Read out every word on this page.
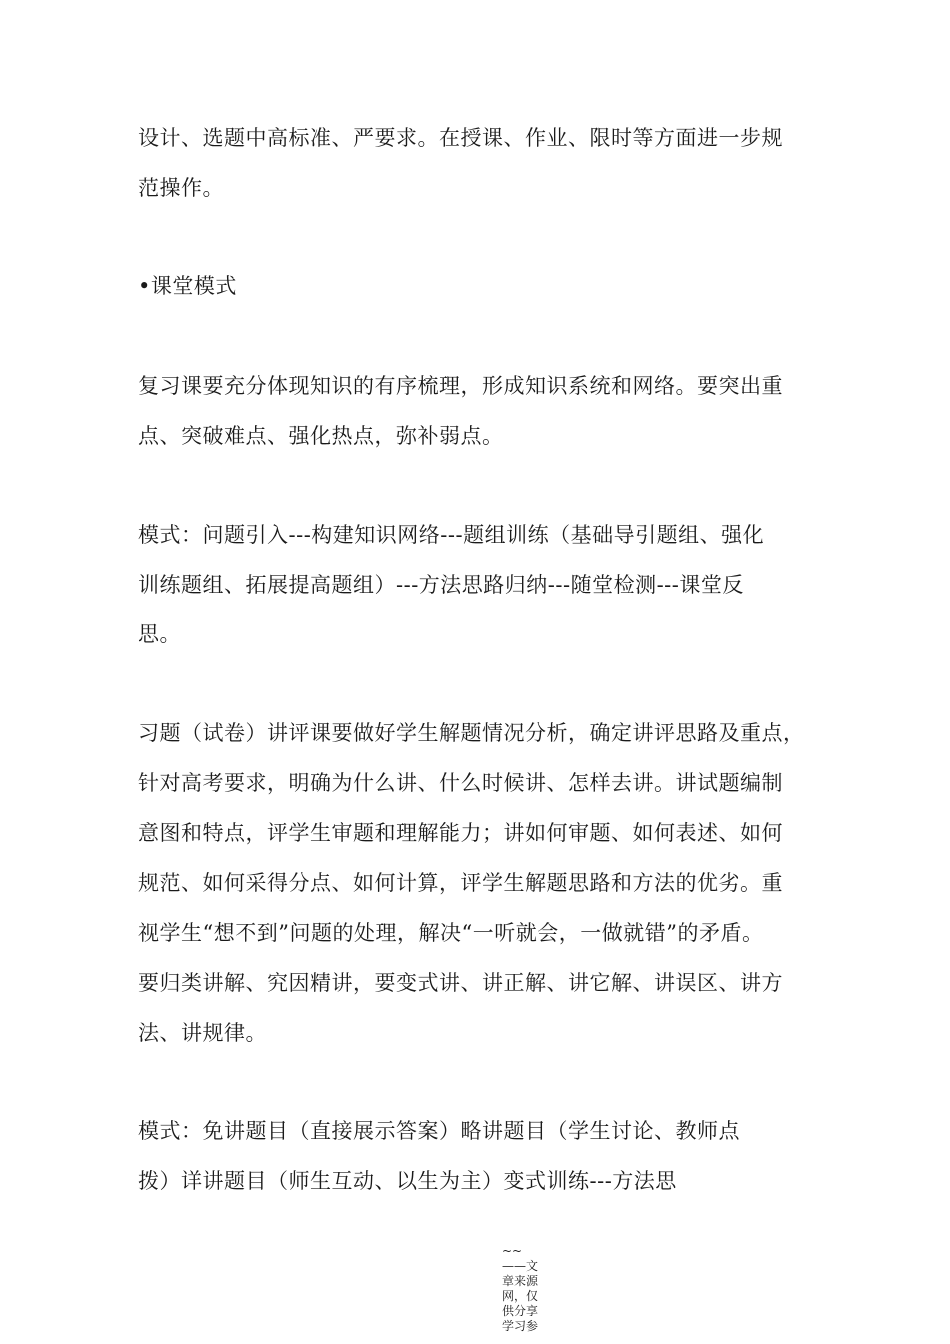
设计、选题中高标准、严要求。在授课、作业、限时等方面进一步规
范操作。
•课堂模式
复习课要充分体现知识的有序梳理，形成知识系统和网络。要突出重
点、突破难点、强化热点，弥补弱点。
模式：问题引入---构建知识网络---题组训练（基础导引题组、强化
训练题组、拓展提高题组）---方法思路归纳---随堂检测---课堂反
思。
习题（试卷）讲评课要做好学生解题情况分析，确定讲评思路及重点，
针对高考要求，明确为什么讲、什么时候讲、怎样去讲。讲试题编制
意图和特点，评学生审题和理解能力；讲如何审题、如何表述、如何
规范、如何采得分点、如何计算，评学生解题思路和方法的优劣。重
视学生“想不到”问题的处理，解决“一听就会，一做就错”的矛盾。
要归类讲解、究因精讲，要变式讲、讲正解、讲它解、讲误区、讲方
法、讲规律。
模式：免讲题目（直接展示答案）略讲题目（学生讨论、教师点
拨）详讲题目（师生互动、以生为主）变式训练---方法思
~~
——文
章来源
网，仅
供分享
学习参
